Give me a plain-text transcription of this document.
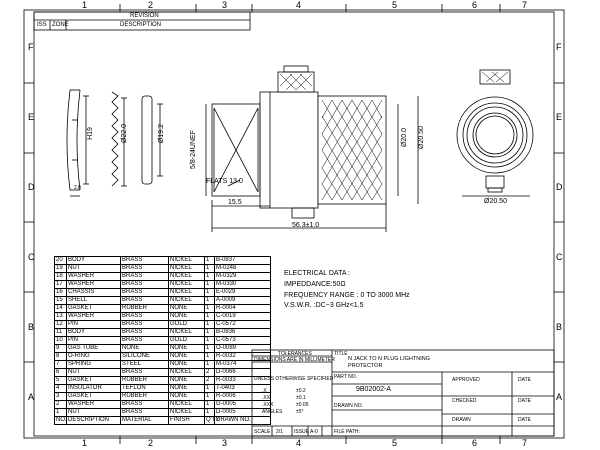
1	2	3	4	5	6	7
1	2	3	4	5	6	7
F
E
D
C
B
A
F
E
D
C
B
A
REVISION
ISS ZONE	DESCRIPTION
H19
2.8
Ø22.0	Ø19.2	5/8-24UNEF
FLATS 13.0
15.5
56.3±1.0
Ø20.0 Ø20.50
Ø20.50
ELECTRICAL DATA :
IMPEDDANCE:50Ω
FREQUENCY RANGE : 0 TO 3000 MHz
V.S.W.R. :DC~3 GHz<1.5
20	BODY	BRASS	NICKEL	1	B-0837
19	NUT	BRASS	NICKEL	1	M-0248
18	WASHER	BRASS	NICKEL	1	M-0329
17	WASHER	BRASS	NICKEL	1	M-0330
16	CHASSIS	BRASS	NICKEL	1	E-0029
15	SHELL	BRASS	NICKEL	1	A-0009
14	GASKET	RUBBER	NONE	1	R-0004
13	WASHER	BRASS	NONE	1	C-0019
12	PIN	BRASS	GOLD	1	C-0572
11	BODY	BRASS	NICKEL	1	B-0836
10	PIN	BRASS	GOLD	1	C-0573
9	GAS TUBE	NONE	NONE	1	O-0089
8	O-RING	SILICONE	NONE	1	R-0032
7	SPRING	STEEL	NONE	1	M-0374
6	NUT	BRASS	NICKEL	2	D-0066
5	GASKET	RUBBER	NONE	2	R-0033
4	INSULATOR	TEFLON	NONE	1	T-0403
3	GASKET	RUBBER	NONE	1	R-0006
2	WASHER	BRASS	NICKEL	1	G-0005
1	NUT	BRASS	NICKEL	1	D-0005
NO.	DESCRIPTION	MATERIAL	FINISH	Q'TY	DRAWN NO.
TOLERANCES
DIMENSIONS ARE IN MILLIMETER
UNLESS OTHERWISE SPECIFIED
.X	±0.2
.XX	±0.1
.XXX	±0.05
ANGLES	±5°
TITLE
N JACK TO N PLUG LIGHTNING PROTECTOR
PART NO.
9B02002-A
DRAWN NO.
APPROVED	DATE
CHECKED	DATE
DRAWN	DATE
SCALE 2/1 ISSUE A-0	FILE PATH:
